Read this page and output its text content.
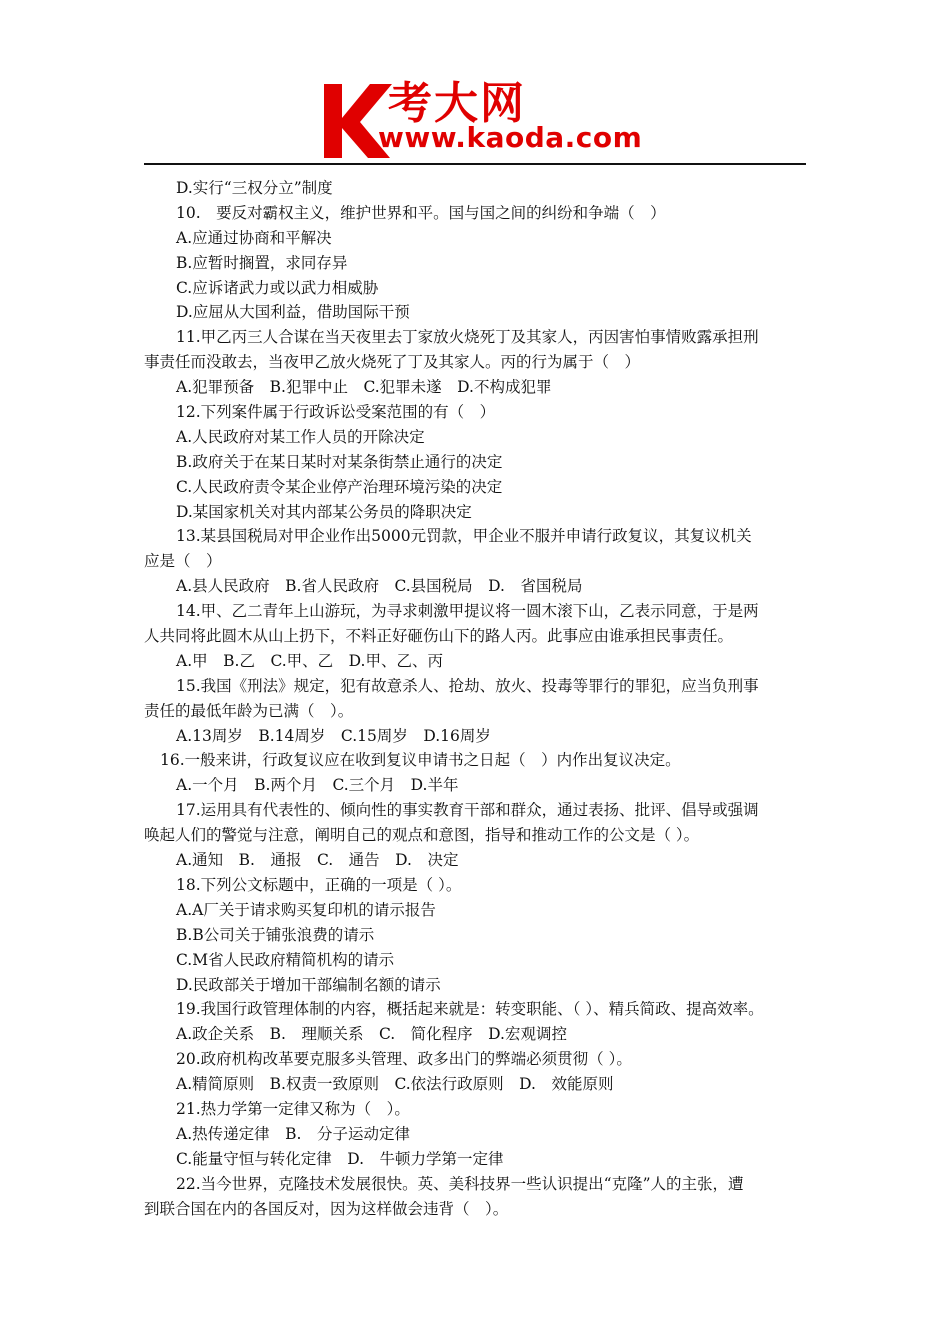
考大网
www.kaoda.com
D.实行“三权分立”制度
10.　要反对霸权主义，维护世界和平。国与国之间的纠纷和争端（　）
A.应通过协商和平解决
B.应暂时搁置，求同存异
C.应诉诸武力或以武力相威胁
D.应屈从大国利益，借助国际干预
11.甲乙丙三人合谋在当天夜里去丁家放火烧死丁及其家人，丙因害怕事情败露承担刑
事责任而没敢去，当夜甲乙放火烧死了丁及其家人。丙的行为属于（　）
A.犯罪预备　B.犯罪中止　C.犯罪未遂　D.不构成犯罪
12.下列案件属于行政诉讼受案范围的有（　）
A.人民政府对某工作人员的开除决定
B.政府关于在某日某时对某条街禁止通行的决定
C.人民政府责令某企业停产治理环境污染的决定
D.某国家机关对其内部某公务员的降职决定
13.某县国税局对甲企业作出5000元罚款，甲企业不服并申请行政复议，其复议机关
应是（　）
A.县人民政府　B.省人民政府　C.县国税局　D.　省国税局
14.甲、乙二青年上山游玩，为寻求刺激甲提议将一圆木滚下山，乙表示同意，于是两
人共同将此圆木从山上扔下，不料正好砸伤山下的路人丙。此事应由谁承担民事责任。
A.甲　B.乙　C.甲、乙　D.甲、乙、丙
15.我国《刑法》规定，犯有故意杀人、抢劫、放火、投毒等罪行的罪犯，应当负刑事
责任的最低年龄为已满（　）。
A.13周岁　B.14周岁　C.15周岁　D.16周岁
16.一般来讲，行政复议应在收到复议申请书之日起（　）内作出复议决定。
A.一个月　B.两个月　C.三个月　D.半年
17.运用具有代表性的、倾向性的事实教育干部和群众，通过表扬、批评、倡导或强调
唤起人们的警觉与注意，阐明自己的观点和意图，指导和推动工作的公文是（ ）。
A.通知　B.　通报　C.　通告　D.　决定
18.下列公文标题中，正确的一项是（ ）。
A.A厂关于请求购买复印机的请示报告
B.B公司关于铺张浪费的请示
C.M省人民政府精简机构的请示
D.民政部关于增加干部编制名额的请示
19.我国行政管理体制的内容，概括起来就是：转变职能、（ ）、精兵简政、提高效率。
A.政企关系　B.　理顺关系　C.　简化程序　D.宏观调控
20.政府机构改革要克服多头管理、政多出门的弊端必须贯彻（ ）。
A.精简原则　B.权责一致原则　C.依法行政原则　D.　效能原则
21.热力学第一定律又称为（　）。
A.热传递定律　B.　分子运动定律
C.能量守恒与转化定律　D.　牛顿力学第一定律
22.当今世界，克隆技术发展很快。英、美科技界一些认识提出“克隆”人的主张，遭
到联合国在内的各国反对，因为这样做会违背（　）。
